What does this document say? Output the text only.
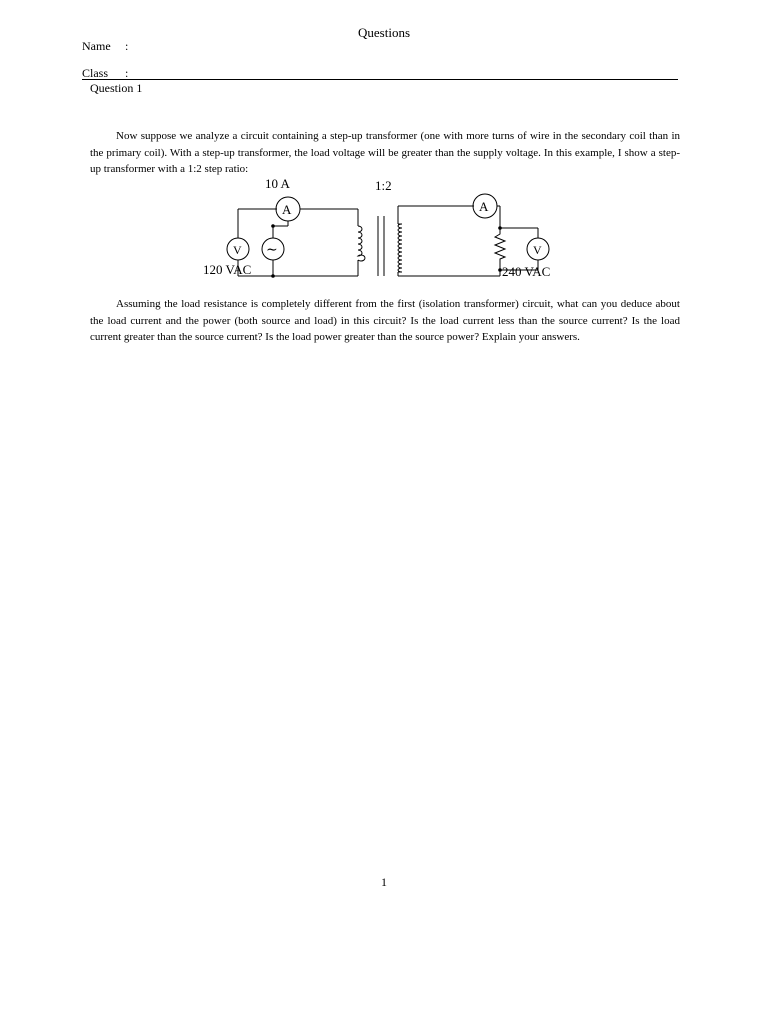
Questions
Name :
Class :
Question 1
Now suppose we analyze a circuit containing a step-up transformer (one with more turns of wire in the secondary coil than in the primary coil). With a step-up transformer, the load voltage will be greater than the supply voltage. In this example, I show a step-up transformer with a 1:2 step ratio:
10 A	1:2
120 VAC	240 VAC
A
V ∼
A
V
Assuming the load resistance is completely different from the first (isolation transformer) circuit, what can you deduce about the load current and the power (both source and load) in this circuit? Is the load current less than the source current? Is the load current greater than the source current? Is the load power greater than the source power? Explain your answers.
1
